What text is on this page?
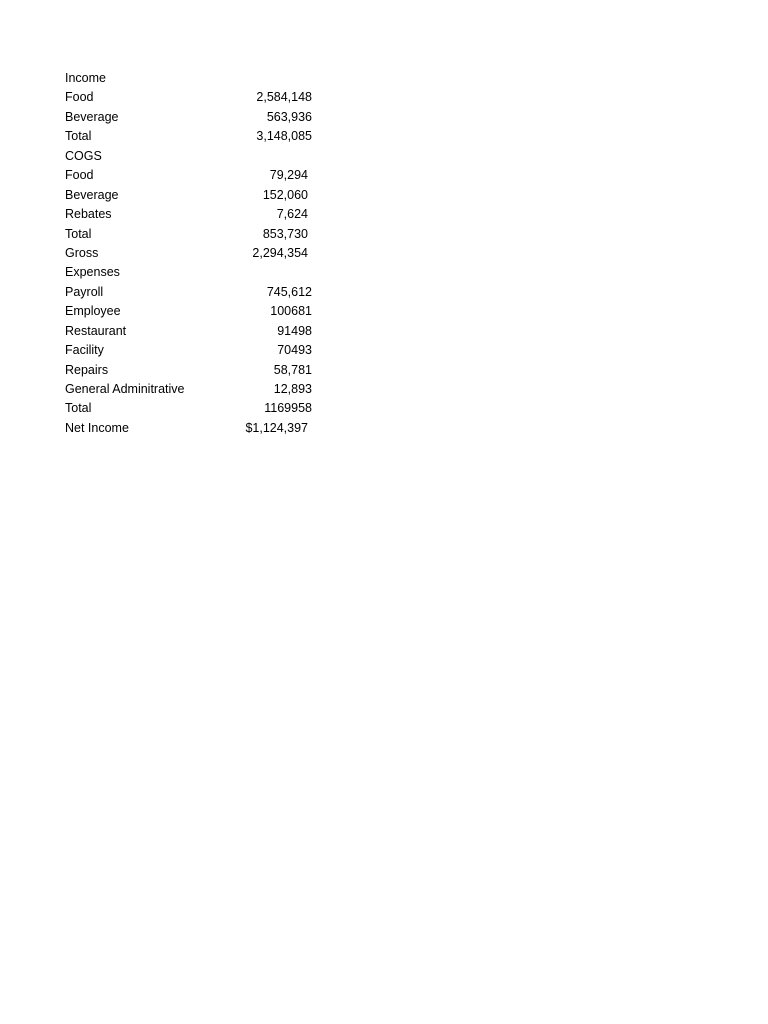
Income
Food	2,584,148
Beverage	563,936
Total	3,148,085
COGS
Food	79,294
Beverage	152,060
Rebates	7,624
Total	853,730
Gross	2,294,354
Expenses
Payroll	745,612
Employee	100681
Restaurant	91498
Facility	70493
Repairs	58,781
General Adminitrative	12,893
Total	1169958
Net Income	$1,124,397
